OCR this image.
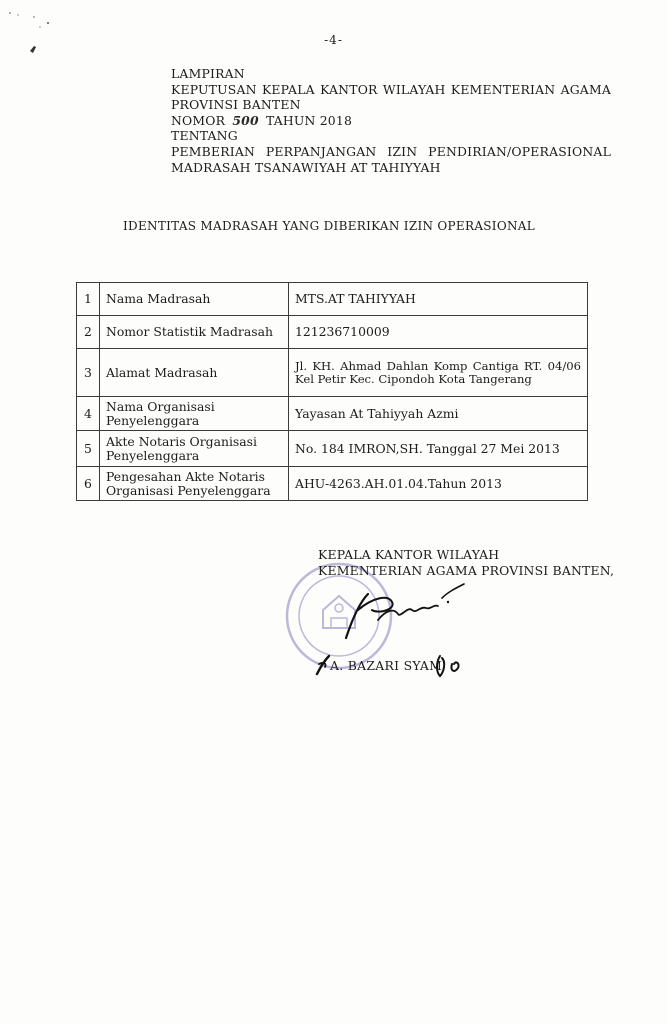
-4-
LAMPIRAN
KEPUTUSAN KEPALA KANTOR WILAYAH KEMENTERIAN AGAMA
PROVINSI BANTEN
NOMOR 500 TAHUN 2018
TENTANG
PEMBERIAN PERPANJANGAN IZIN PENDIRIAN/OPERASIONAL
MADRASAH TSANAWIYAH AT TAHIYYAH
IDENTITAS MADRASAH YANG DIBERIKAN IZIN OPERASIONAL
1	Nama Madrasah	MTS.AT TAHIYYAH
2	Nomor Statistik Madrasah	121236710009
3	Alamat Madrasah	Jl. KH. Ahmad Dahlan Komp Cantiga RT. 04/06 Kel Petir Kec. Cipondoh Kota Tangerang
4	Nama Organisasi Penyelenggara	Yayasan At Tahiyyah Azmi
5	Akte Notaris Organisasi Penyelenggara	No. 184 IMRON,SH. Tanggal 27 Mei 2013
6	Pengesahan Akte Notaris Organisasi Penyelenggara	AHU-4263.AH.01.04.Tahun 2013
KEPALA KANTOR WILAYAH
KEMENTERIAN AGAMA PROVINSI BANTEN,
A. BAZARI SYAM
